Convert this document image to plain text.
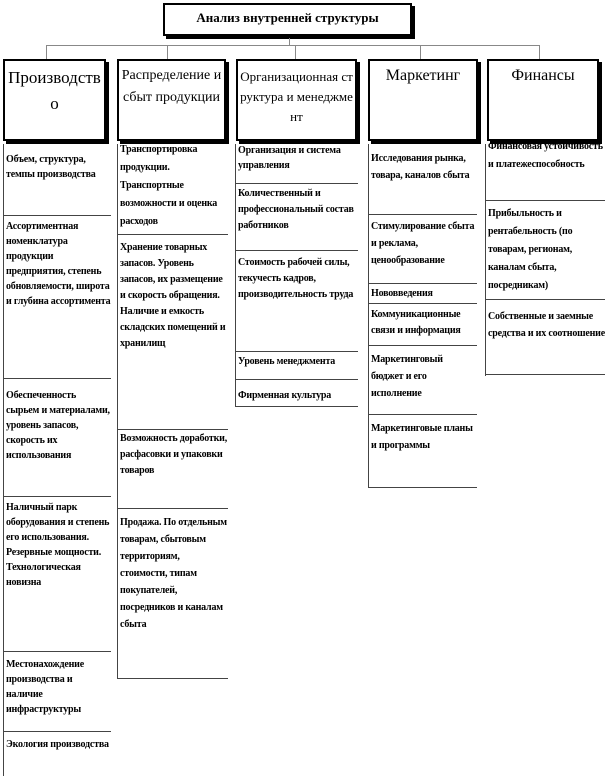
Анализ внутренней структуры
Производство
Объем, структура, темпы производства
Ассортиментная номенклатура продукции предприятия, степень обновляемости, широта и глубина ассортимента
Обеспеченность сырьем и материалами, уровень запасов, скорость их использования
Наличный парк оборудования и степень его использования. Резервные мощности. Технологическая новизна
Местонахождение производства и наличие инфраструктуры
Экология производства
Распределение и сбыт продукции
Транспортировка продукции. Транспортные возможности и оценка расходов
Хранение товарных запасов. Уровень запасов, их размещение и скорость обращения. Наличие и емкость складских помещений и хранилищ
Возможность доработки, расфасовки и упаковки товаров
Продажа. По отдельным товарам, сбытовым территориям, стоимости, типам покупателей, посредников и каналам сбыта
Организационная структура и менеджмент
Организация и система управления
Количественный и профессиональный состав работников
Стоимость рабочей силы, текучесть кадров, производительность труда
Уровень менеджмента
Фирменная культура
Маркетинг
Исследования рынка, товара, каналов сбыта
Стимулирование сбыта и реклама, ценообразование
Нововведения
Коммуникационные связи и информация
Маркетинговый бюджет и его исполнение
Маркетинговые планы и программы
Финансы
Финансовая устойчивость и платежеспособность
Прибыльность и рентабельность (по товарам, регионам, каналам сбыта, посредникам)
Собственные и заемные средства и их соотношение
